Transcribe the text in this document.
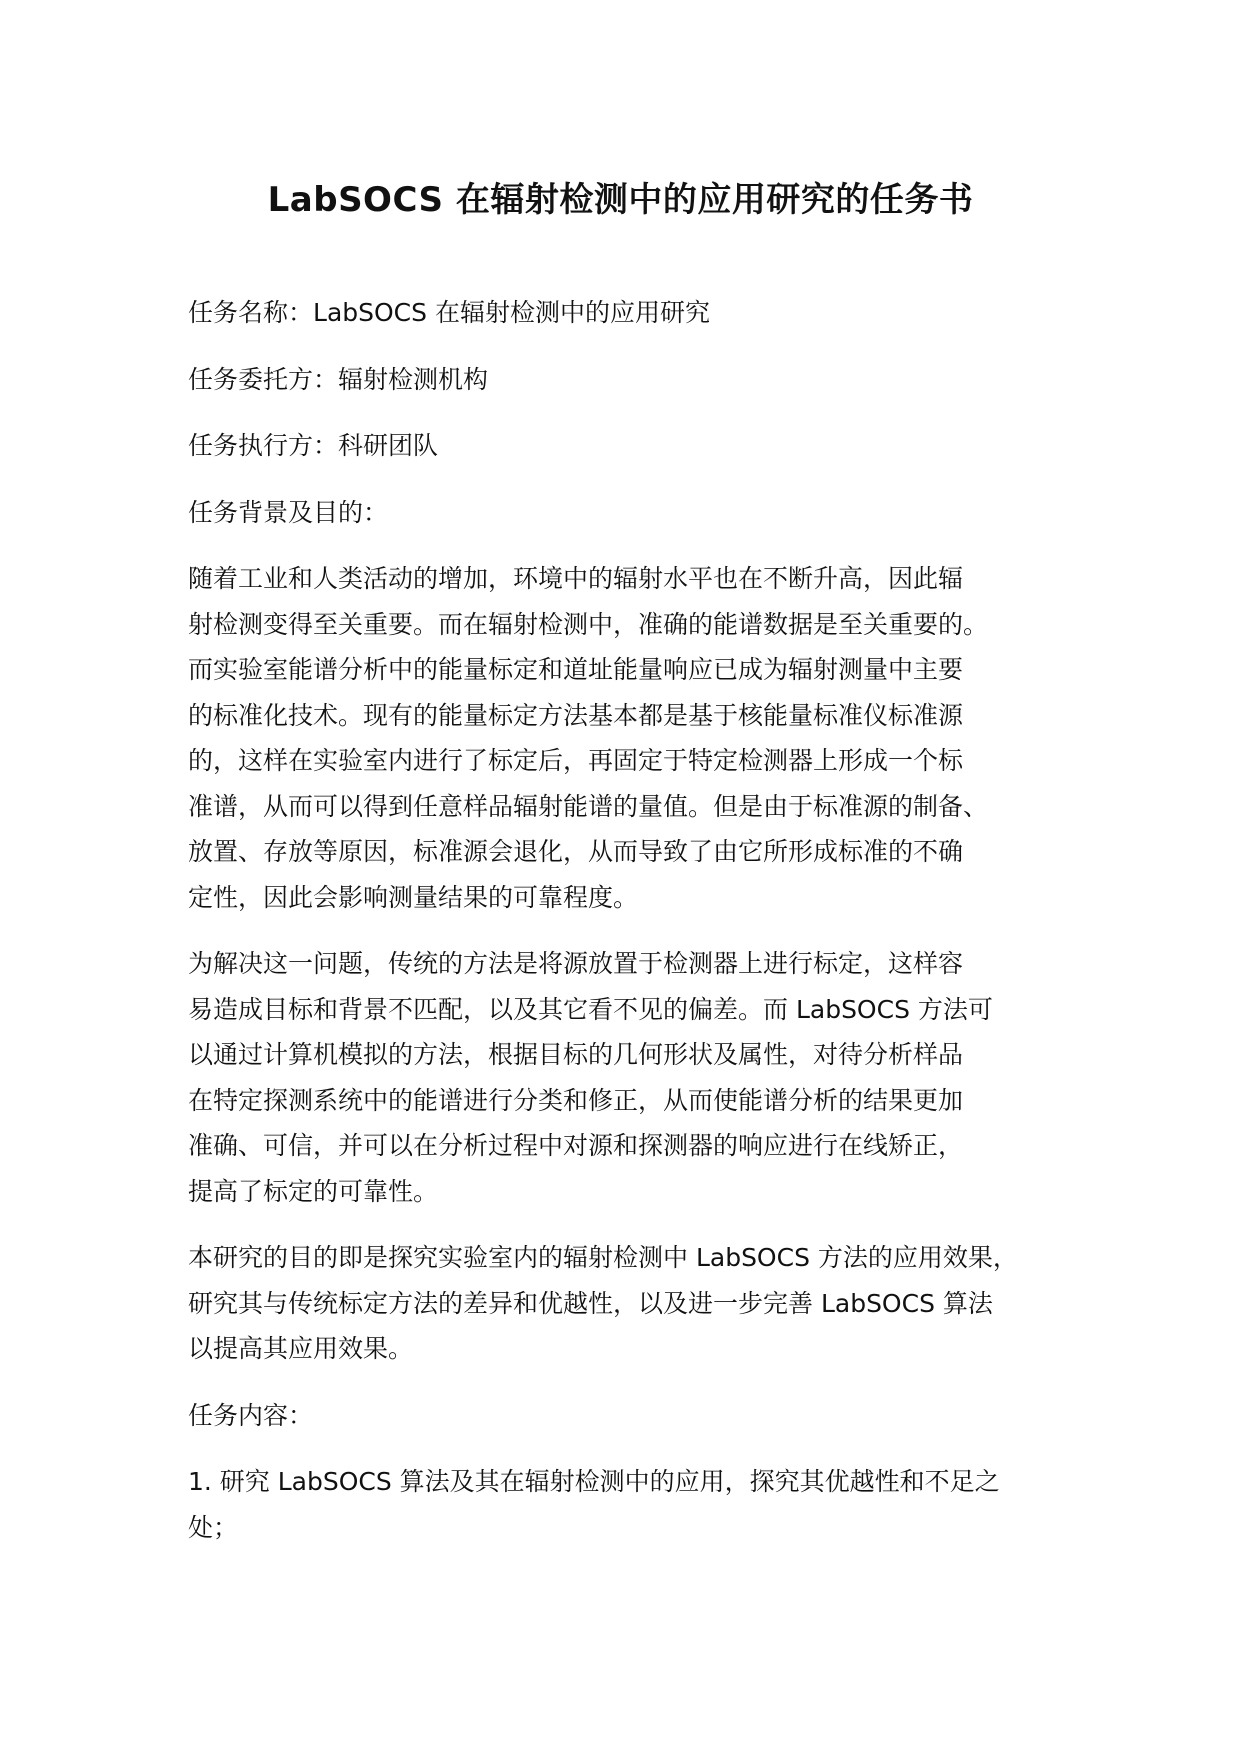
LabSOCS 在辐射检测中的应用研究的任务书

任务名称：LabSOCS 在辐射检测中的应用研究

任务委托方：辐射检测机构

任务执行方：科研团队

任务背景及目的：

随着工业和人类活动的增加，环境中的辐射水平也在不断升高，因此辐
射检测变得至关重要。而在辐射检测中，准确的能谱数据是至关重要的。
而实验室能谱分析中的能量标定和道址能量响应已成为辐射测量中主要
的标准化技术。现有的能量标定方法基本都是基于核能量标准仪标准源
的，这样在实验室内进行了标定后，再固定于特定检测器上形成一个标
准谱，从而可以得到任意样品辐射能谱的量值。但是由于标准源的制备、
放置、存放等原因，标准源会退化，从而导致了由它所形成标准的不确
定性，因此会影响测量结果的可靠程度。

为解决这一问题，传统的方法是将源放置于检测器上进行标定，这样容
易造成目标和背景不匹配，以及其它看不见的偏差。而 LabSOCS 方法可
以通过计算机模拟的方法，根据目标的几何形状及属性，对待分析样品
在特定探测系统中的能谱进行分类和修正，从而使能谱分析的结果更加
准确、可信，并可以在分析过程中对源和探测器的响应进行在线矫正，
提高了标定的可靠性。

本研究的目的即是探究实验室内的辐射检测中 LabSOCS 方法的应用效果，
研究其与传统标定方法的差异和优越性，以及进一步完善 LabSOCS 算法
以提高其应用效果。

任务内容：

1. 研究 LabSOCS 算法及其在辐射检测中的应用，探究其优越性和不足之
处；
